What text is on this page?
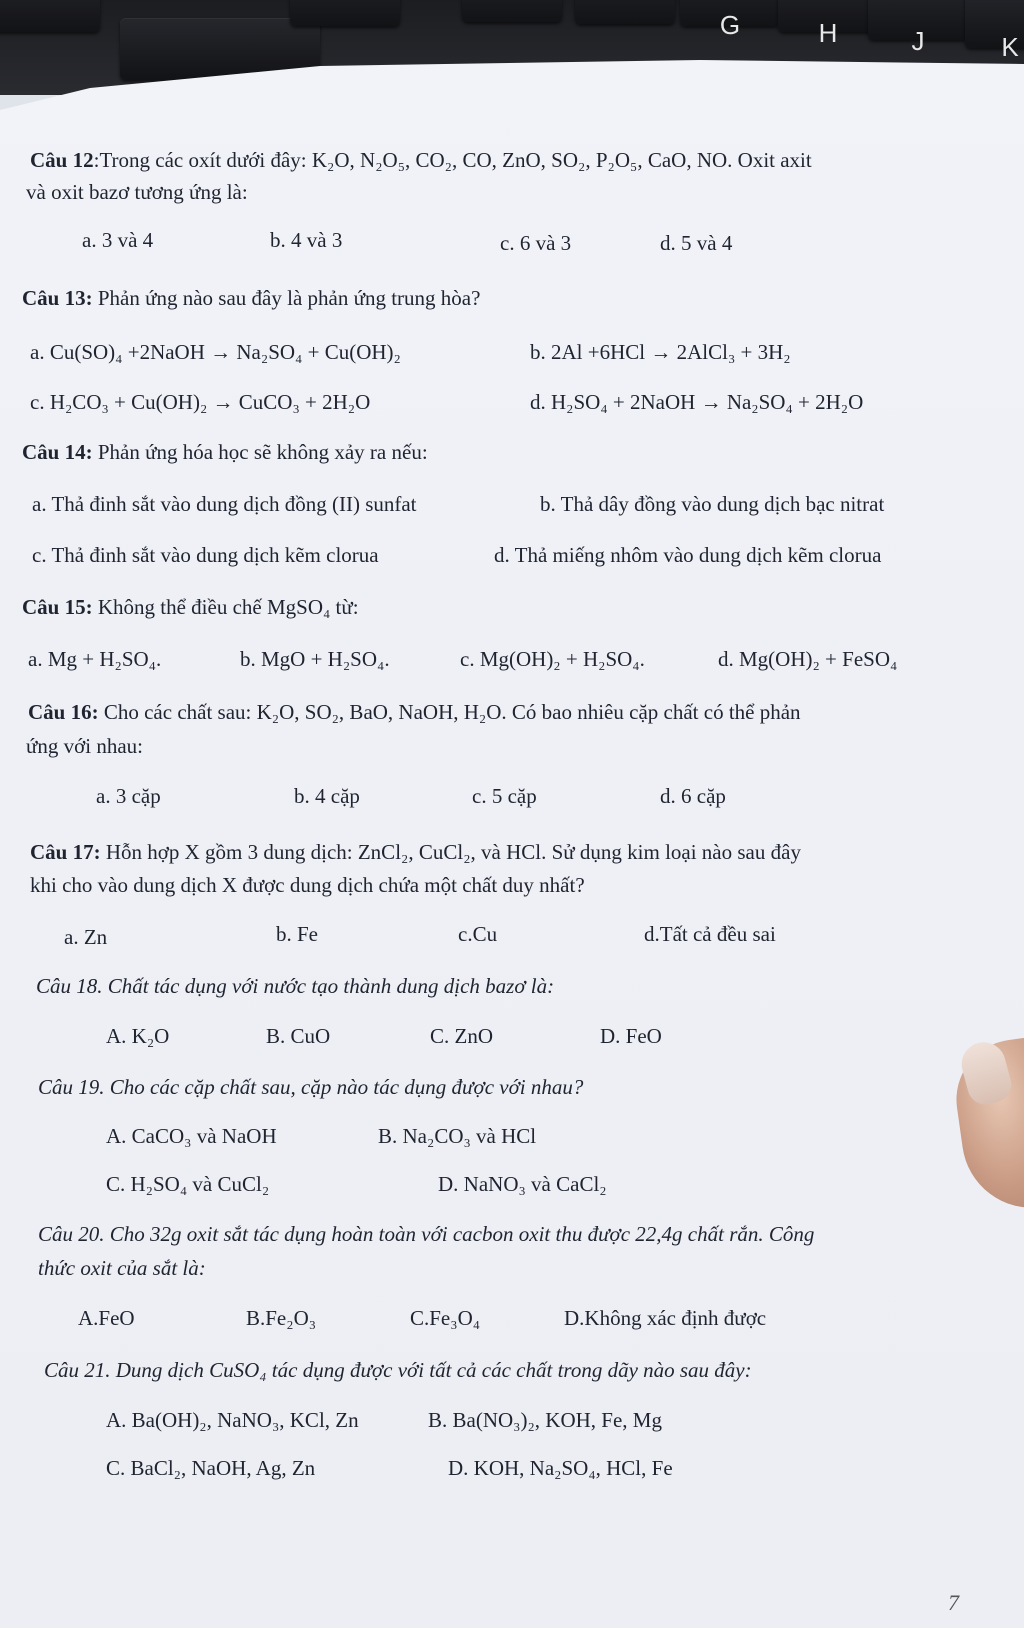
G	H	J	K
Câu 12:Trong các oxít dưới đây: K₂O, N₂O₅, CO₂, CO, ZnO, SO₂, P₂O₅, CaO, NO. Oxit axit
và oxit bazơ tương ứng là:
a. 3 và 4	b. 4 và 3	c. 6 và 3	d. 5 và 4
Câu 13: Phản ứng nào sau đây là phản ứng trung hòa?
a. Cu(SO)₄ +2NaOH → Na₂SO₄ + Cu(OH)₂	b. 2Al +6HCl → 2AlCl₃ + 3H₂
c. H₂CO₃ + Cu(OH)₂ → CuCO₃ + 2H₂O	d. H₂SO₄ + 2NaOH → Na₂SO₄ + 2H₂O
Câu 14: Phản ứng hóa học sẽ không xảy ra nếu:
a. Thả đinh sắt vào dung dịch đồng (II) sunfat	b. Thả dây đồng vào dung dịch bạc nitrat
c. Thả đinh sắt vào dung dịch kẽm clorua	d. Thả miếng nhôm vào dung dịch kẽm clorua
Câu 15: Không thể điều chế MgSO₄ từ:
a. Mg + H₂SO₄.	b. MgO + H₂SO₄.	c. Mg(OH)₂ + H₂SO₄.	d. Mg(OH)₂ + FeSO₄
Câu 16: Cho các chất sau: K₂O, SO₂, BaO, NaOH, H₂O. Có bao nhiêu cặp chất có thể phản
ứng với nhau:
a. 3 cặp	b. 4 cặp	c. 5 cặp	d. 6 cặp
Câu 17: Hỗn hợp X gồm 3 dung dịch: ZnCl₂, CuCl₂, và HCl. Sử dụng kim loại nào sau đây
khi cho vào dung dịch X được dung dịch chứa một chất duy nhất?
a. Zn	b. Fe	c.Cu	d.Tất cả đều sai
Câu 18. Chất tác dụng với nước tạo thành dung dịch bazơ là:
A. K₂O	B. CuO	C. ZnO	D. FeO
Câu 19. Cho các cặp chất sau, cặp nào tác dụng được với nhau?
A. CaCO₃ và NaOH	B. Na₂CO₃ và HCl
C. H₂SO₄ và CuCl₂	D. NaNO₃ và CaCl₂
Câu 20. Cho 32g oxit sắt tác dụng hoàn toàn với cacbon oxit thu được 22,4g chất rắn. Công
thức oxit của sắt là:
A.FeO	B.Fe₂O₃	C.Fe₃O₄	D.Không xác định được
Câu 21. Dung dịch CuSO₄ tác dụng được với tất cả các chất trong dãy nào sau đây:
A. Ba(OH)₂, NaNO₃, KCl, Zn	B. Ba(NO₃)₂, KOH, Fe, Mg
C. BaCl₂, NaOH, Ag, Zn	D. KOH, Na₂SO₄, HCl, Fe
7
